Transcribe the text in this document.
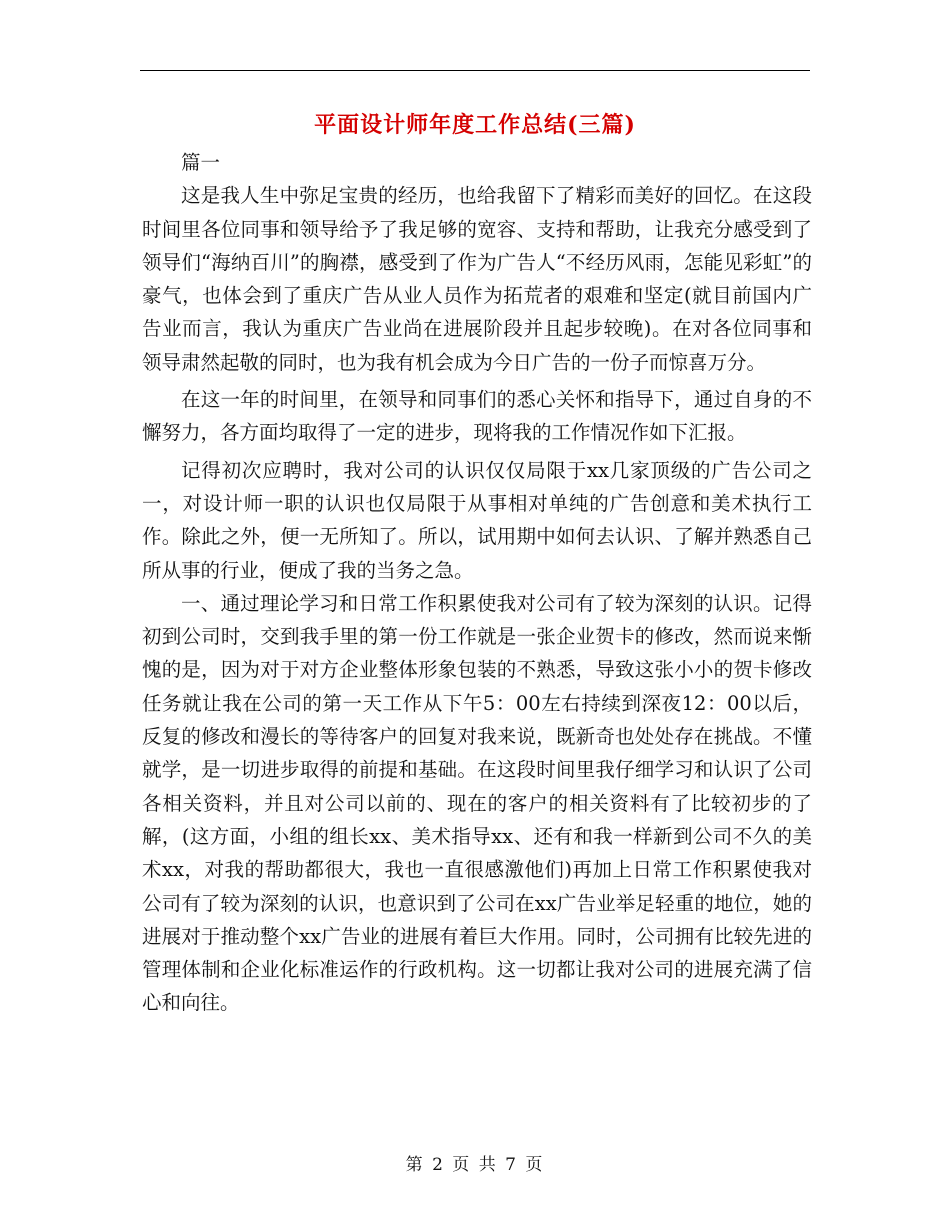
平面设计师年度工作总结(三篇)

篇一

这是我人生中弥足宝贵的经历，也给我留下了精彩而美好的回忆。在这段时间里各位同事和领导给予了我足够的宽容、支持和帮助，让我充分感受到了领导们“海纳百川”的胸襟，感受到了作为广告人“不经历风雨，怎能见彩虹”的豪气，也体会到了重庆广告从业人员作为拓荒者的艰难和坚定(就目前国内广告业而言，我认为重庆广告业尚在进展阶段并且起步较晚)。在对各位同事和领导肃然起敬的同时，也为我有机会成为今日广告的一份子而惊喜万分。

在这一年的时间里，在领导和同事们的悉心关怀和指导下，通过自身的不懈努力，各方面均取得了一定的进步，现将我的工作情况作如下汇报。

记得初次应聘时，我对公司的认识仅仅局限于xx几家顶级的广告公司之一，对设计师一职的认识也仅局限于从事相对单纯的广告创意和美术执行工作。除此之外，便一无所知了。所以，试用期中如何去认识、了解并熟悉自己所从事的行业，便成了我的当务之急。

一、通过理论学习和日常工作积累使我对公司有了较为深刻的认识。记得初到公司时，交到我手里的第一份工作就是一张企业贺卡的修改，然而说来惭愧的是，因为对于对方企业整体形象包装的不熟悉，导致这张小小的贺卡修改任务就让我在公司的第一天工作从下午5：00左右持续到深夜12：00以后，反复的修改和漫长的等待客户的回复对我来说，既新奇也处处存在挑战。不懂就学，是一切进步取得的前提和基础。在这段时间里我仔细学习和认识了公司各相关资料，并且对公司以前的、现在的客户的相关资料有了比较初步的了解，(这方面，小组的组长xx、美术指导xx、还有和我一样新到公司不久的美术xx，对我的帮助都很大，我也一直很感激他们)再加上日常工作积累使我对公司有了较为深刻的认识，也意识到了公司在xx广告业举足轻重的地位，她的进展对于推动整个xx广告业的进展有着巨大作用。同时，公司拥有比较先进的管理体制和企业化标准运作的行政机构。这一切都让我对公司的进展充满了信心和向往。

第 2 页 共 7 页
